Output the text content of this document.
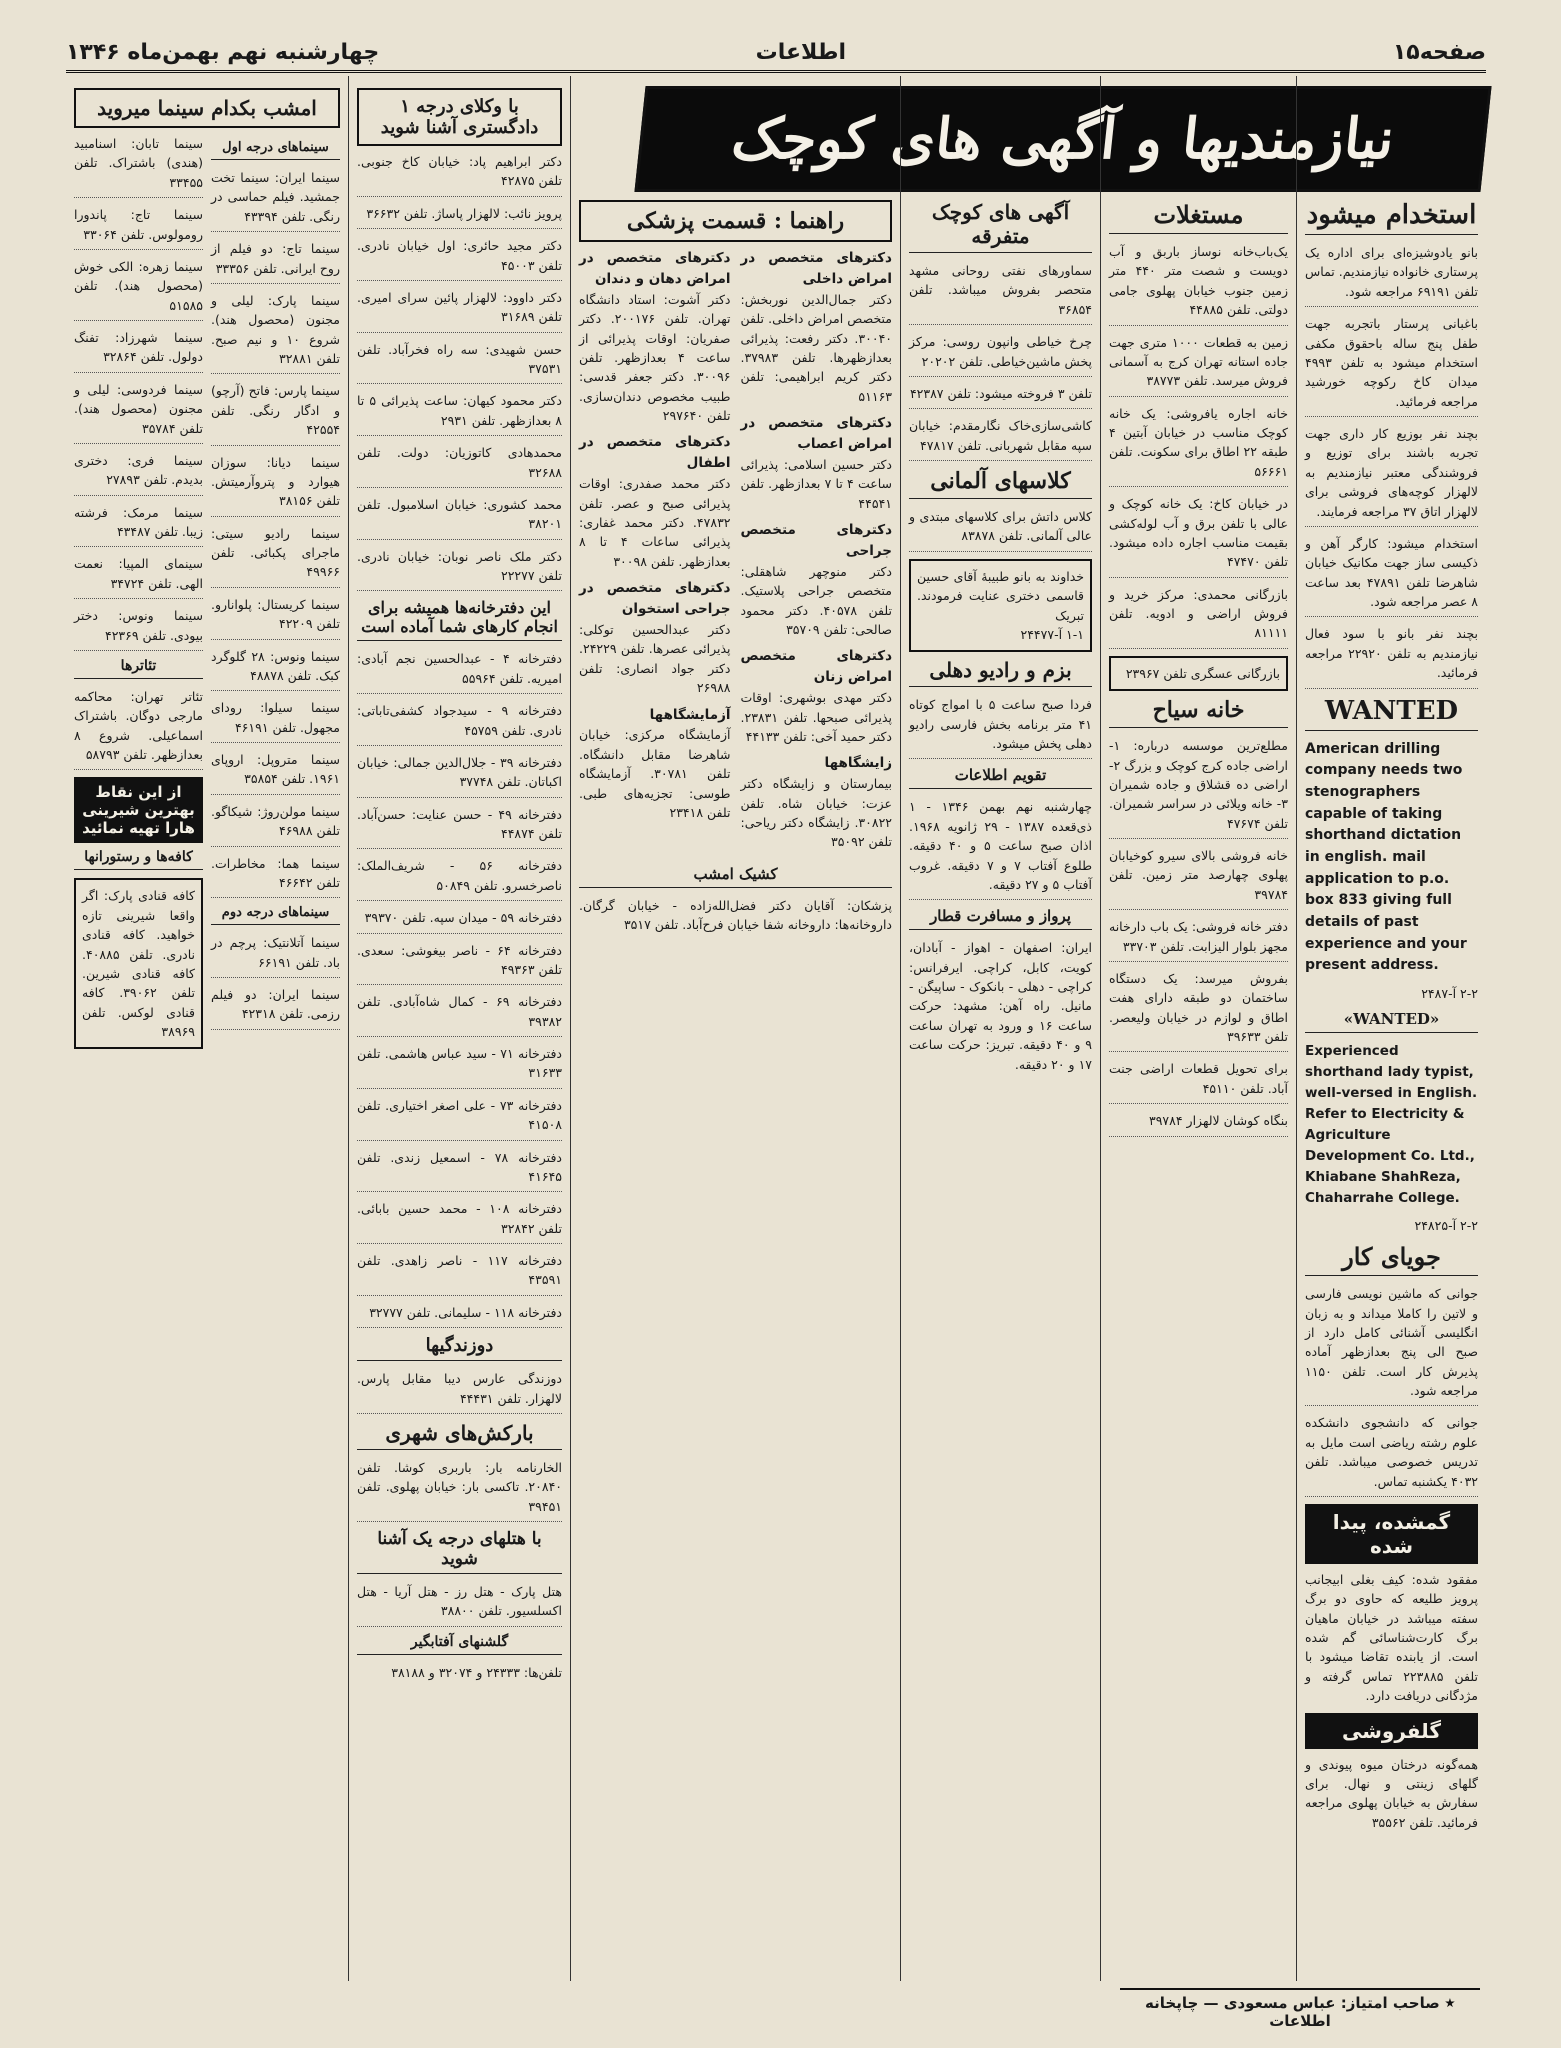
صفحه۱۵
اطلاعات
چهارشنبه نهم بهمن‌ماه ۱۳۴۶
نیازمندیها و آگهی های کوچک
استخدام میشود
بانو یادوشیزه‌ای برای اداره یک پرستاری خانواده نیازمندیم. تماس تلفن ۶۹۱۹۱ مراجعه شود.
باغبانی پرستار باتجربه جهت طفل پنج ساله باحقوق مکفی استخدام میشود به تلفن ۴۹۹۳ میدان کاخ رکوچه خورشید مراجعه فرمائید.
بچند نفر بوزیع کار داری جهت تجربه باشند برای توزیع و فروشندگی معتبر نیازمندیم به لالهزار کوچه‌های فروشی برای لالهزار اتاق ۳۷ مراجعه فرمایند.
استخدام میشود: کارگر آهن و ذکیسی ساز جهت مکانیک خیابان شاهرضا تلفن ۴۷۸۹۱ بعد ساعت ۸ عصر مراجعه شود.
بچند نفر بانو با سود فعال نیازمندیم به تلفن ۲۲۹۲۰ مراجعه فرمائید.
WANTED
American drilling company needs two stenographers capable of taking shorthand dictation in english. mail application to p.o. box 833 giving full details of past experience and your present address.
۲-۲ آ-۲۴۸۷
«WANTED»
Experienced shorthand lady typist, well-versed in English. Refer to Electricity & Agriculture Development Co. Ltd., Khiabane ShahReza, Chaharrahe College.
۲-۲ آ-۲۴۸۲۵
جویای کار
جوانی که ماشین نویسی فارسی و لاتین را کاملا میداند و به زبان انگلیسی آشنائی کامل دارد از صبح الی پنج بعدازظهر آماده پذیرش کار است. تلفن ۱۱۵۰ مراجعه شود.
جوانی که دانشجوی دانشکده علوم رشته ریاضی است مایل به تدریس خصوصی میباشد. تلفن ۴۰۳۲ یکشنبه تماس.
گمشده، پیدا شده
مفقود شده: کیف بغلی ابیجانب پرویز طلیعه که حاوی دو برگ سفته میباشد در خیابان ماهیان برگ کارت‌شناسائی گم شده است. از یابنده تقاضا میشود با تلفن ۲۲۳۸۸۵ تماس گرفته و مژدگانی دریافت دارد.
گلفروشی
همه‌گونه درختان میوه پیوندی و گلهای زینتی و نهال. برای سفارش به خیابان پهلوی مراجعه فرمائید. تلفن ۳۵۵۶۲
مستغلات
یک‌باب‌خانه نوساز باربق و آب دویست و شصت متر ۴۴۰ متر زمین جنوب خیابان پهلوی جامی دولتی. تلفن ۴۴۸۸۵
زمین به قطعات ۱۰۰۰ متری جهت جاده استانه تهران‌ کرج به آسمانی فروش میرسد. تلفن ۳۸۷۷۳
خانه اجاره یافروشی: یک خانه کوچک مناسب در خیابان آبتین ۴ طبقه ۲۲ اطاق برای سکونت. تلفن ۵۶۶۶۱
در خیابان کاخ: یک خانه کوچک و عالی با تلفن برق و آب لوله‌کشی بقیمت مناسب اجاره داده میشود. تلفن ۴۷۴۷۰
بازرگانی محمدی: مرکز خرید و فروش اراضی و ادویه. تلفن ۸۱۱۱۱
بازرگانی عسگری تلفن ۲۳۹۶۷
خانه سیاح
مطلع‌ترین موسسه درباره: ۱- اراضی جاده کرج کوچک و بزرگ ۲- اراضی ده قشلاق و جاده شمیران ۳- خانه ویلائی در سراسر شمیران. تلفن ۴۷۶۷۴
خانه فروشی بالای سیرو کوخیابان پهلوی چهارصد متر زمین. تلفن ۳۹۷۸۴
دفتر خانه فروشی: یک باب دارخانه مجهز بلوار الیزابت. تلفن ۳۳۷۰۳
بفروش میرسد: یک دستگاه ساختمان دو طبقه دارای هفت اطاق و لوازم در خیابان ولیعصر. تلفن ۳۹۶۳۳
برای تحویل قطعات اراضی جنت آباد. تلفن ۴۵۱۱۰
بنگاه کوشان لالهزار ۳۹۷۸۴
آگهی های کوچک متفرقه
سماورهای نفتی روحانی مشهد متحصر بفروش میباشد. تلفن ۳۶۸۵۴
چرخ خیاطی وانپون روسی: مرکز پخش ماشین‌خیاطی. تلفن ۲۰۲۰۲
تلفن ۳ فروخته میشود: تلفن ۴۲۳۸۷
کاشی‌سازی‌خاک نگارمقدم: خیابان سپه مقابل شهربانی. تلفن ۴۷۸۱۷
کلاسهای آلمانی
کلاس داتش برای کلاسهای مبتدی و عالی آلمانی. تلفن ۸۳۸۷۸
خداوند به بانو طبیبهٔ آقای حسین قاسمی دختری عنایت فرمودند. تبریک
۱-۱ آ-۲۴۴۷۷
بزم و رادیو دهلی
فردا صبح ساعت ۵ با امواج کوتاه ۴۱ متر برنامه بخش فارسی رادیو دهلی پخش میشود.
تقویم اطلاعات
چهارشنبه نهم بهمن ۱۳۴۶ - ۱ ذی‌قعده ۱۳۸۷ - ۲۹ ژانویه ۱۹۶۸. اذان صبح ساعت ۵ و ۴۰ دقیقه. طلوع آفتاب ۷ و ۷ دقیقه. غروب آفتاب ۵ و ۲۷ دقیقه.
پرواز و مسافرت قطار
ایران: اصفهان - اهواز - آبادان، کویت، کابل، کراچی. ایرفرانس: کراچی - دهلی - بانکوک - ساپیگن - مانیل. راه آهن: مشهد: حرکت ساعت ۱۶ و ورود به تهران ساعت ۹ و ۴۰ دقیقه. تبریز: حرکت ساعت ۱۷ و ۲۰ دقیقه.
راهنما : قسمت پزشکی
دکترهای متخصص در امراض داخلی
دکتر جمال‌الدین نوربخش: متخصص امراض داخلی. تلفن ۳۰۰۴۰. دکتر رفعت: پذیرائی بعدازظهرها. تلفن ۳۷۹۸۳. دکتر کریم ابراهیمی: تلفن ۵۱۱۶۳
دکترهای متخصص در امراض اعصاب
دکتر حسین اسلامی: پذیرائی ساعت ۴ تا ۷ بعدازظهر. تلفن ۴۴۵۴۱
دکترهای متخصص جراحی
دکتر منوچهر شاهقلی: متخصص جراحی پلاستیک. تلفن ۴۰۵۷۸. دکتر محمود صالحی: تلفن ۳۵۷۰۹
دکترهای متخصص امراض زنان
دکتر مهدی بوشهری: اوقات پذیرائی صبحها. تلفن ۲۳۸۳۱. دکتر حمید آخی: تلفن ۴۴۱۳۳
زایشگاهها
بیمارستان و زایشگاه دکتر عزت: خیابان شاه. تلفن ۳۰۸۲۲. زایشگاه دکتر ریاحی: تلفن ۳۵۰۹۲
دکترهای متخصص در امراض دهان و دندان
دکتر آشوت: استاد دانشگاه تهران. تلفن ۲۰۰۱۷۶. دکتر صفریان: اوقات پذیرائی از ساعت ۴ بعدازظهر. تلفن ۳۰۰۹۶. دکتر جعفر قدسی: طبیب مخصوص دندان‌سازی. تلفن ۲۹۷۶۴۰
دکترهای متخصص در اطفال
دکتر محمد صفدری: اوقات پذیرائی صبح و عصر. تلفن ۴۷۸۳۲. دکتر محمد غفاری: پذیرائی ساعات ۴ تا ۸ بعدازظهر. تلفن ۳۰۰۹۸
دکترهای متخصص در جراحی استخوان
دکتر عبدالحسین توکلی: پذیرائی عصرها. تلفن ۲۴۲۲۹. دکتر جواد انصاری: تلفن ۲۶۹۸۸
آزمایشگاهها
آزمایشگاه مرکزی: خیابان شاهرضا مقابل دانشگاه. تلفن ۳۰۷۸۱. آزمایشگاه طوسی: تجزیه‌های طبی. تلفن ۲۳۴۱۸
کشیک امشب
پزشکان: آقایان دکتر فضل‌الله‌زاده - خیابان گرگان. داروخانه‌ها: داروخانه شفا خیابان فرح‌آباد. تلفن ۳۵۱۷
با وکلای درجه ۱ دادگستری آشنا شوید
دکتر ابراهیم پاد: خیابان کاخ جنوبی. تلفن ۴۲۸۷۵
پرویز نائب: لالهزار پاساژ. تلفن ۳۶۶۳۲
دکتر مجید حائری: اول خیابان نادری. تلفن ۴۵۰۰۳
دکتر داوود: لالهزار پائین سرای امیری. تلفن ۳۱۶۸۹
حسن شهیدی: سه راه فخرآباد. تلفن ۳۷۵۳۱
دکتر محمود کیهان: ساعت پذیرائی ۵ تا ۸ بعدازظهر. تلفن ۲۹۳۱
محمدهادی کاتوزیان: دولت. تلفن ۳۲۶۸۸
محمد کشوری: خیابان اسلامبول. تلفن ۳۸۲۰۱
دکتر ملک ناصر نوبان: خیابان نادری. تلفن ۲۲۲۷۷
این دفترخانه‌ها همیشه برای انجام کارهای شما آماده است
دفترخانه ۴ - عبدالحسین نجم آبادی: امیریه. تلفن ۵۵۹۶۴
دفترخانه ۹ - سیدجواد کشفی‌تاباتی: نادری. تلفن ۴۵۷۵۹
دفترخانه ۳۹ - جلال‌الدین جمالی: خیابان اکباتان. تلفن ۳۷۷۴۸
دفترخانه ۴۹ - حسن عنایت: حسن‌آباد. تلفن ۴۴۸۷۴
دفترخانه ۵۶ - شریف‌الملک: ناصرخسرو. تلفن ۵۰۸۴۹
دفترخانه ۵۹ - میدان سپه. تلفن ۳۹۳۷۰
دفترخانه ۶۴ - ناصر بیغوشی: سعدی. تلفن ۴۹۳۶۳
دفترخانه ۶۹ - کمال شاه‌آبادی. تلفن ۳۹۳۸۲
دفترخانه ۷۱ - سید عباس هاشمی. تلفن ۳۱۶۳۳
دفترخانه ۷۳ - علی اصغر اختیاری. تلفن ۴۱۵۰۸
دفترخانه ۷۸ - اسمعیل زندی. تلفن ۴۱۶۴۵
دفترخانه ۱۰۸ - محمد حسین بابائی. تلفن ۳۲۸۴۲
دفترخانه ۱۱۷ - ناصر زاهدی. تلفن ۴۳۵۹۱
دفترخانه ۱۱۸ - سلیمانی. تلفن ۳۲۷۷۷
دوزندگیها
دوزندگی عارس دیبا مقابل پارس. لالهزار. تلفن ۴۴۴۳۱
بارکش‌های شهری
الخارنامه بار: باربری کوشا. تلفن ۲۰۸۴۰. تاکسی بار: خیابان پهلوی. تلفن ۳۹۴۵۱
با هتلهای درجه یک آشنا شوید
هتل پارک - هتل رز - هتل آریا - هتل اکسلسیور. تلفن ۳۸۸۰۰
گلشنهای آفتابگیر
تلفن‌ها: ۲۴۳۳۳ و ۳۲۰۷۴ و ۳۸۱۸۸
امشب بکدام سینما میروید
سینماهای درجه اول
سینما ایران: سینما تخت جمشید. فیلم حماسی در رنگی. تلفن ۴۳۳۹۴
سینما تاج: دو فیلم از روح ایرانی. تلفن ۳۳۳۵۶
سینما پارک: لیلی و مجنون (محصول هند). شروع ۱۰ و نیم صبح. تلفن ۳۲۸۸۱
سینما پارس: فاتح (آرچو) و ادگار رنگی. تلفن ۴۲۵۵۴
سینما دیانا: سوزان هیوارد و پتروآرمیتش. تلفن ۳۸۱۵۶
سینما رادیو سیتی: ماجرای پکبائی. تلفن ۴۹۹۶۶
سینما کریستال: پلوانارو. تلفن ۴۲۲۰۹
سینما ونوس: ۲۸ گلوگرد کبک. تلفن ۴۸۸۷۸
سینما سیلوا: رودای مجهول. تلفن ۴۶۱۹۱
سینما متروپل: اروپای ۱۹۶۱. تلفن ۳۵۸۵۴
سینما مولن‌روژ: شیکاگو. تلفن ۴۶۹۸۸
سینما هما: مخاطرات. تلفن ۴۶۶۴۲
سینماهای درجه دوم
سینما آتلانتیک: پرچم در باد. تلفن ۶۶۱۹۱
سینما ایران: دو فیلم رزمی. تلفن ۴۲۳۱۸
سینما تابان: اسنامبید (هندی) باشتراک. تلفن ۳۳۴۵۵
سینما تاج: پاندورا رومولوس. تلفن ۳۳۰۶۴
سینما زهره: الکی خوش (محصول هند). تلفن ۵۱۵۸۵
سینما شهرزاد: تفنگ دولول. تلفن ۳۲۸۶۴
سینما فردوسی: لیلی و مجنون (محصول هند). تلفن ۳۵۷۸۴
سینما فری: دختری بدیدم. تلفن ۲۷۸۹۳
سینما مرمک: فرشته زیبا. تلفن ۴۳۴۸۷
سینمای المپیا: نعمت الهی. تلفن ۳۴۷۲۴
سینما ونوس: دختر بیودی. تلفن ۴۲۳۶۹
تئاترها
تئاتر تهران: محاکمه مارجی دوگان. باشتراک اسماعیلی. شروع ۸ بعدازظهر. تلفن ۵۸۷۹۳
از این نقاط بهترین شیرینی هارا تهیه نمائید
کافه‌ها و رستورانها
کافه قنادی پارک: اگر واقعا شیرینی تازه خواهید. کافه قنادی نادری. تلفن ۴۰۸۸۵. کافه قنادی شیرین. تلفن ۳۹۰۶۲. کافه قنادی لوکس. تلفن ۳۸۹۶۹
صاحب امتیاز: عباس مسعودی — چاپخانه اطلاعات
